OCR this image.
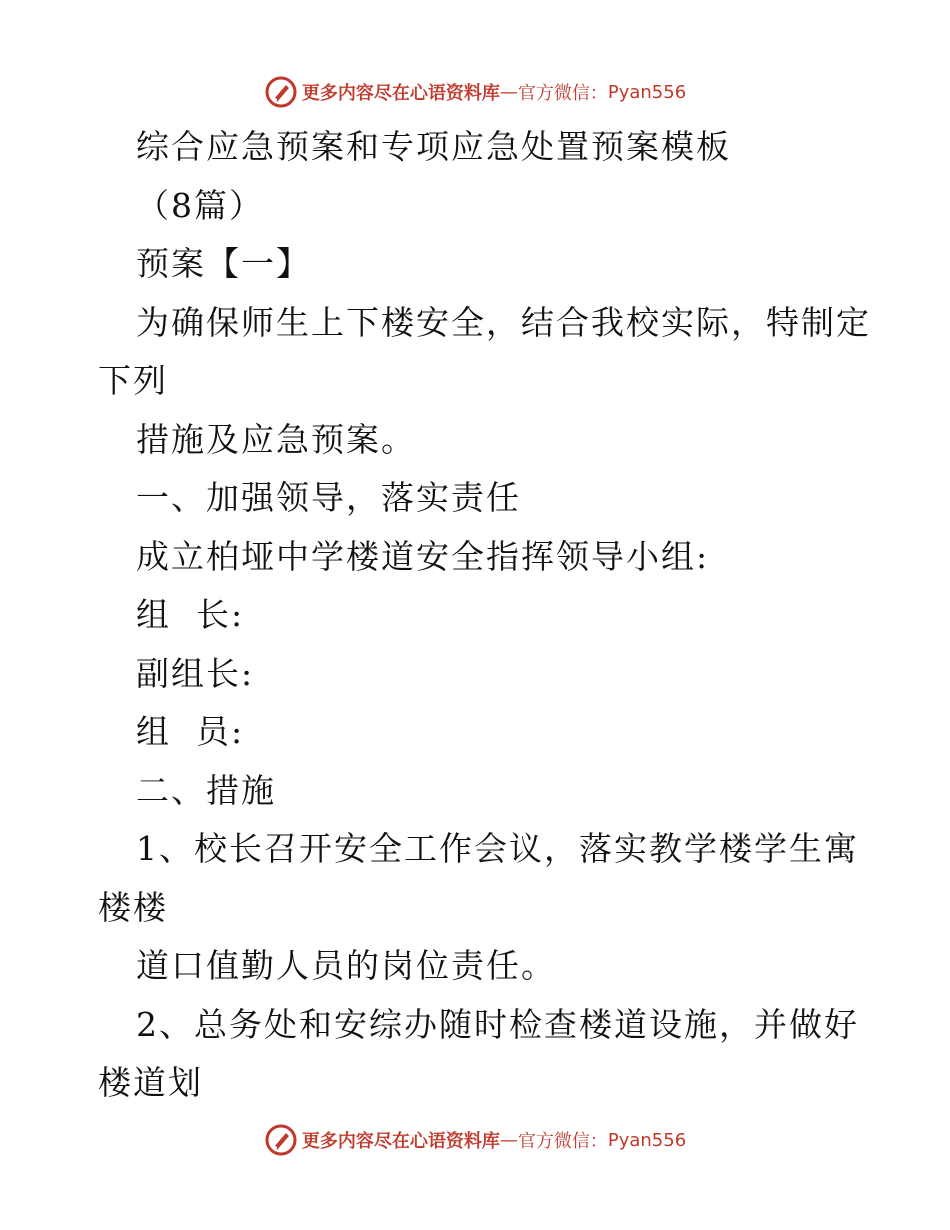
更多内容尽在心语资料库 — 官方微信： Pyan556
综合应急预案和专项应急处置预案模板
（8篇）
预案【一】
为确保师生上下楼安全，结合我校实际，特制定
下列
措施及应急预案。
一、加强领导，落实责任
成立柏垭中学楼道安全指挥领导小组:
组  长:
副组长:
组  员:
二、措施
1、校长召开安全工作会议，落实教学楼学生寓
楼楼
道口值勤人员的岗位责任。
2、总务处和安综办随时检查楼道设施，并做好
楼道划
更多内容尽在心语资料库 — 官方微信： Pyan556
